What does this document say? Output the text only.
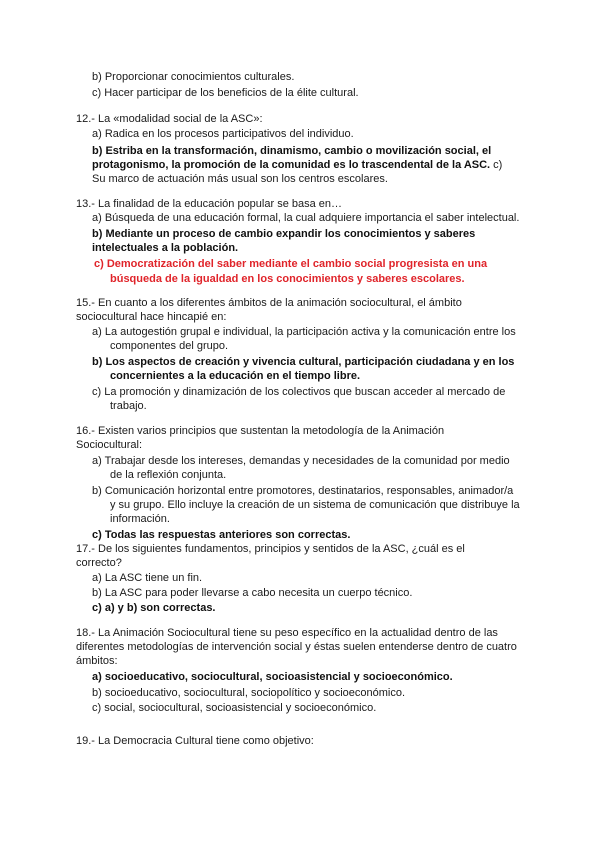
b) Proporcionar conocimientos culturales.
c) Hacer participar de los beneficios de la élite cultural.
12.- La «modalidad social de la ASC»:
a) Radica en los procesos participativos del individuo.
b) Estriba en la transformación, dinamismo, cambio o movilización social, el
protagonismo, la promoción de la comunidad es lo trascendental de la ASC. c)
Su marco de actuación más usual son los centros escolares.
13.- La finalidad de la educación popular se basa en…
a) Búsqueda de una educación formal, la cual adquiere importancia el saber intelectual.
b) Mediante un proceso de cambio expandir los conocimientos y saberes
intelectuales a la población.
c) Democratización del saber mediante el cambio social progresista en una
búsqueda de la igualdad en los conocimientos y saberes escolares.
15.- En cuanto a los diferentes ámbitos de la animación sociocultural, el ámbito
sociocultural hace hincapié en:
a) La autogestión grupal e individual, la participación activa y la comunicación entre los
componentes del grupo.
b) Los aspectos de creación y vivencia cultural, participación ciudadana y en los
concernientes a la educación en el tiempo libre.
c) La promoción y dinamización de los colectivos que buscan acceder al mercado de
trabajo.
16.- Existen varios principios que sustentan la metodología de la Animación
Sociocultural:
a) Trabajar desde los intereses, demandas y necesidades de la comunidad por medio
de la reflexión conjunta.
b) Comunicación horizontal entre promotores, destinatarios, responsables, animador/a
y su grupo. Ello incluye la creación de un sistema de comunicación que distribuye la
información.
c) Todas las respuestas anteriores son correctas.
17.- De los siguientes fundamentos, principios y sentidos de la ASC, ¿cuál es el
correcto?
a) La ASC tiene un fin.
b) La ASC para poder llevarse a cabo necesita un cuerpo técnico.
c) a) y b) son correctas.
18.- La Animación Sociocultural tiene su peso específico en la actualidad dentro de las
diferentes metodologías de intervención social y éstas suelen entenderse dentro de cuatro
ámbitos:
a) socioeducativo, sociocultural, socioasistencial y socioeconómico.
b) socioeducativo, sociocultural, sociopolítico y socioeconómico.
c) social, sociocultural, socioasistencial y socioeconómico.
19.- La Democracia Cultural tiene como objetivo:
